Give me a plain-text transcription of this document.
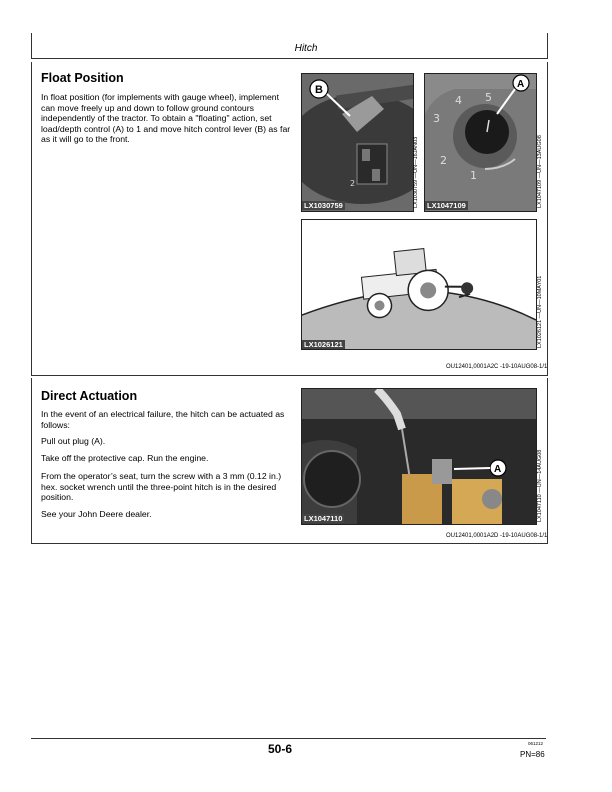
Hitch
Float Position
In float position (for implements with gauge wheel), implement can move freely up and down to follow ground contours independently of the tractor. To obtain a "floating" action, set load/depth control (A) to 1 and move hitch control lever (B) as far as it will go to the front.
2
B
LX1030759	LX1030759 —UN—16JAN03
4 5
3
2
1
A
LX1047109	LX1047109 —UN—13AUG08
LX1026121	LX1026121 —UN—10MAY01
OU12401,0001A2C -19-10AUG08-1/1
Direct Actuation
In the event of an electrical failure, the hitch can be actuated as follows:
Pull out plug (A).
Take off the protective cap. Run the engine.
From the operator’s seat, turn the screw with a 3 mm (0.12 in.) hex. socket wrench until the three-point hitch is in the desired position.
See your John Deere dealer.
A
LX1047110	LX1047110 —UN—14AUG08
OU12401,0001A2D -19-10AUG08-1/1
50-6	061212
PN=86
